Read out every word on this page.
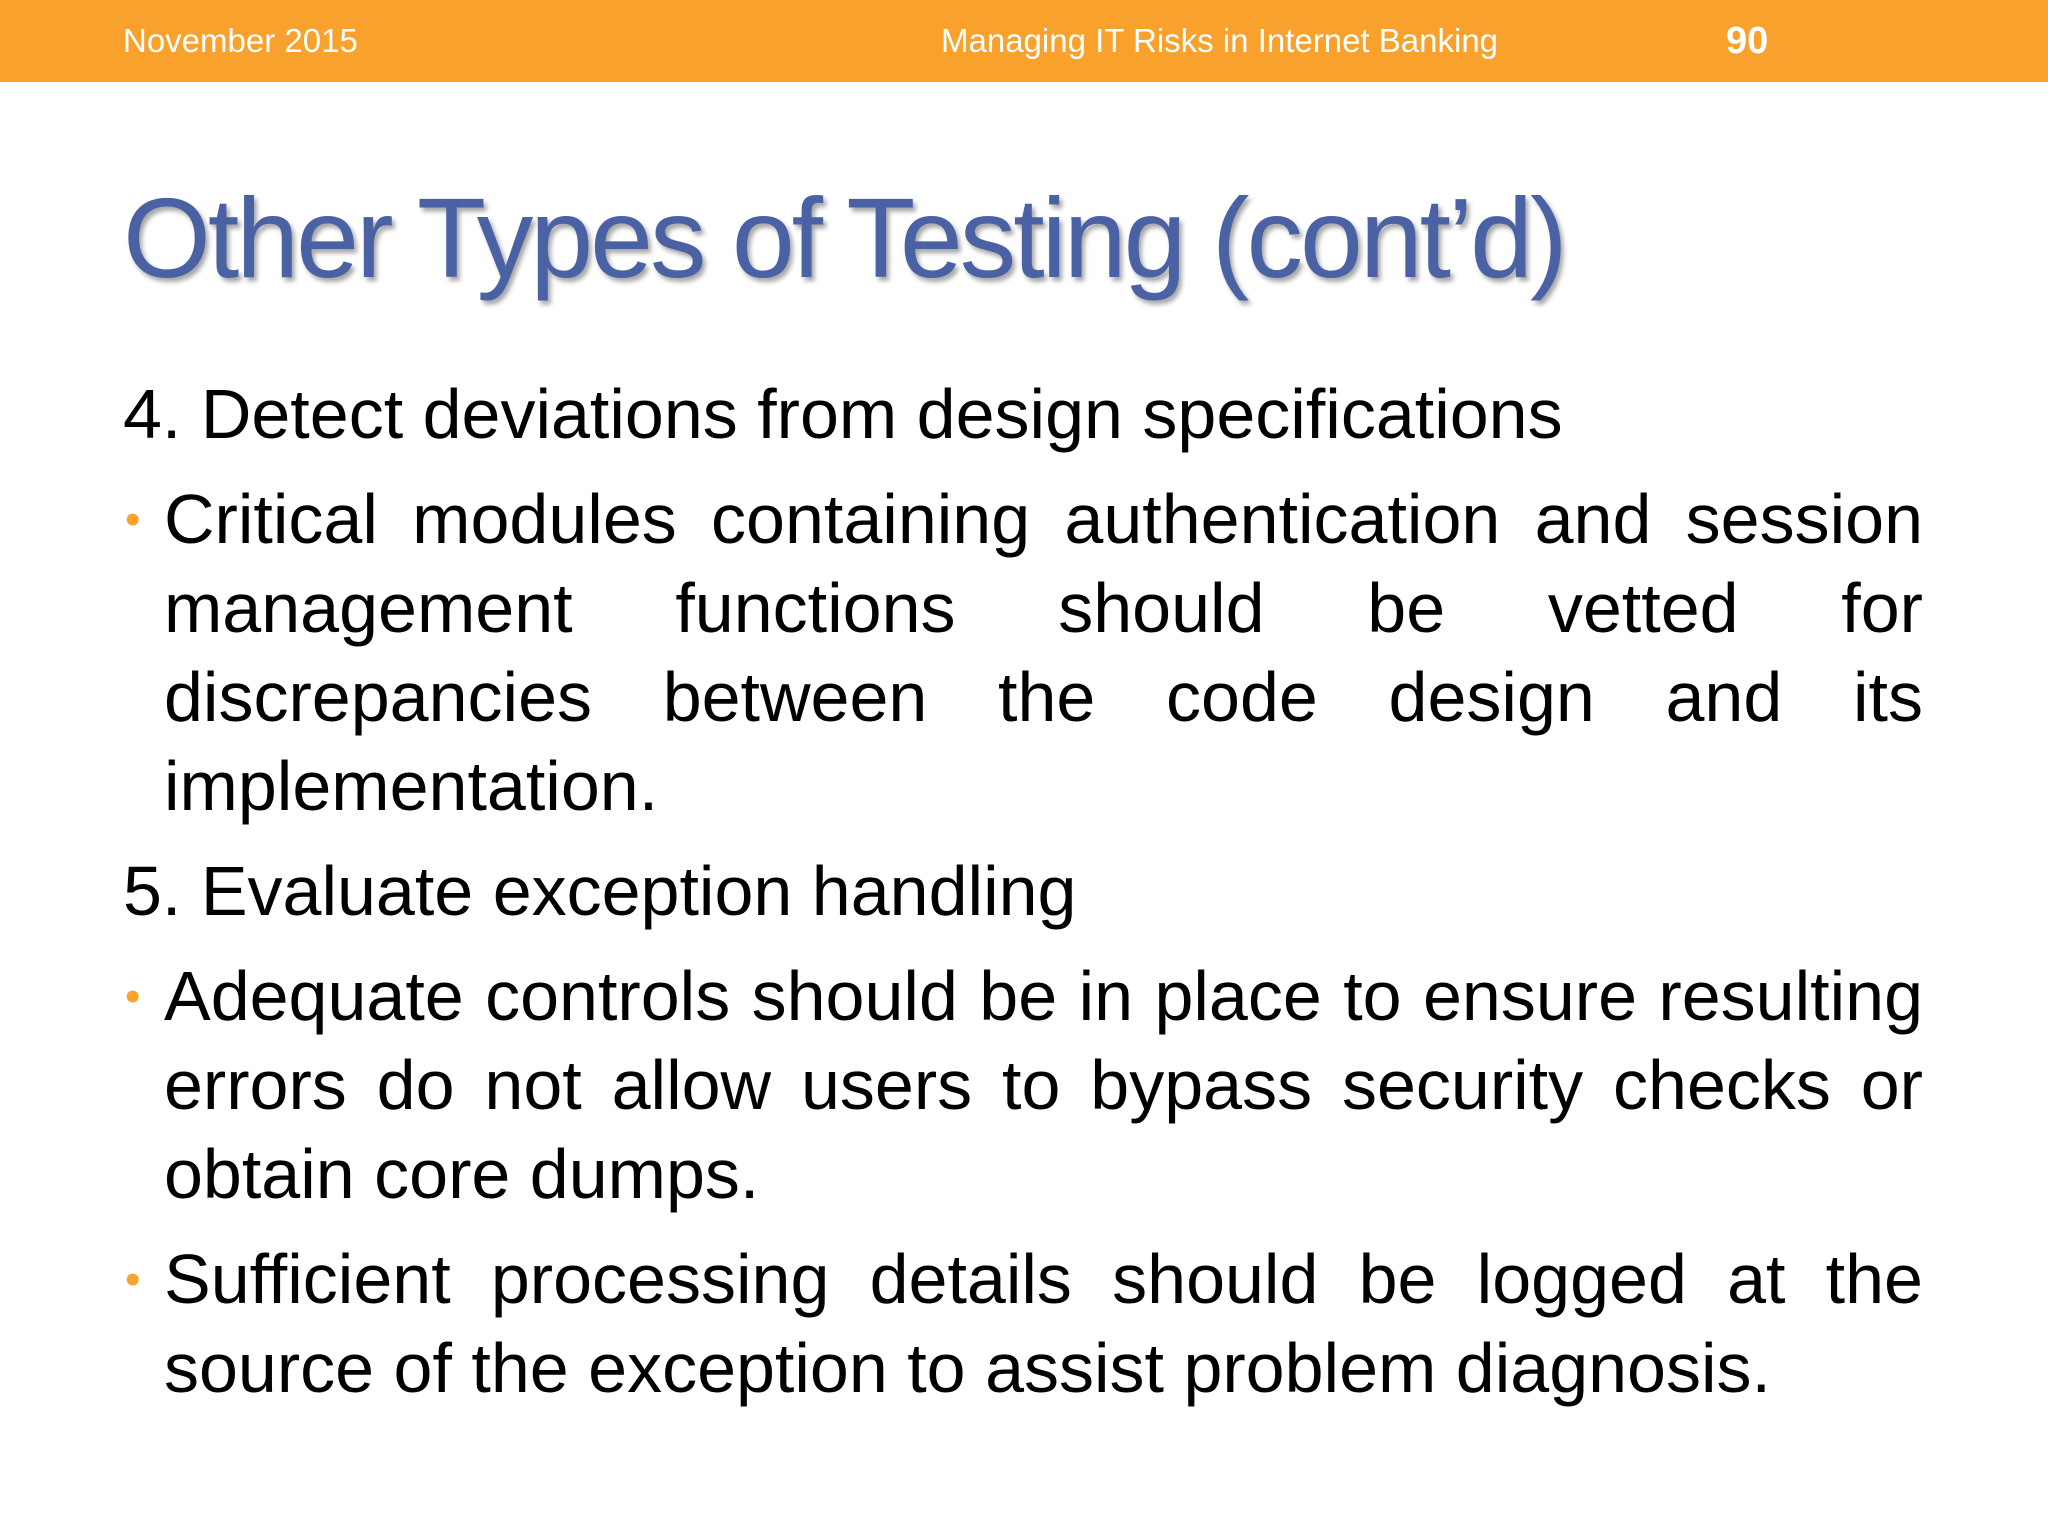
November 2015	Managing IT Risks in Internet Banking	90
Other Types of Testing (cont’d)

4. Detect deviations from design specifications

• Critical modules containing authentication and session management functions should be vetted for discrepancies between the code design and its implementation.

5. Evaluate exception handling

• Adequate controls should be in place to ensure resulting errors do not allow users to bypass security checks or obtain core dumps.
• Sufficient processing details should be logged at the source of the exception to assist problem diagnosis.
